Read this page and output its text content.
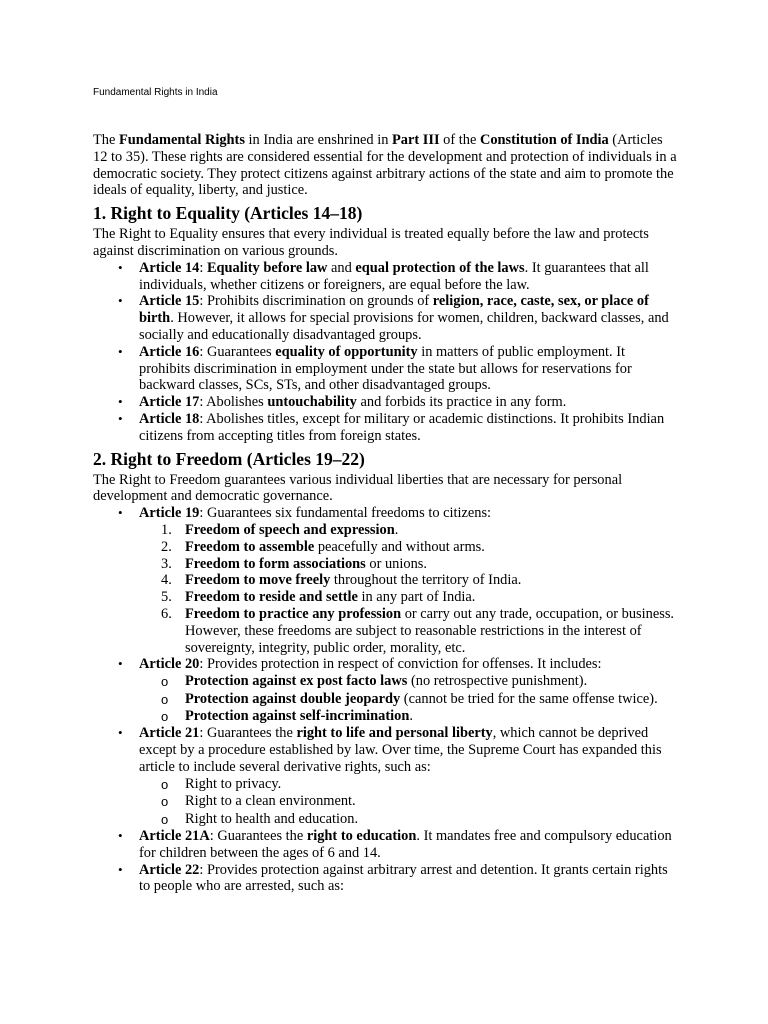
Fundamental Rights in India

The Fundamental Rights in India are enshrined in Part III of the Constitution of India (Articles 12 to 35). These rights are considered essential for the development and protection of individuals in a democratic society. They protect citizens against arbitrary actions of the state and aim to promote the ideals of equality, liberty, and justice.

1. Right to Equality (Articles 14–18)

The Right to Equality ensures that every individual is treated equally before the law and protects against discrimination on various grounds.

• Article 14: Equality before law and equal protection of the laws. It guarantees that all individuals, whether citizens or foreigners, are equal before the law.
• Article 15: Prohibits discrimination on grounds of religion, race, caste, sex, or place of birth. However, it allows for special provisions for women, children, backward classes, and socially and educationally disadvantaged groups.
• Article 16: Guarantees equality of opportunity in matters of public employment. It prohibits discrimination in employment under the state but allows for reservations for backward classes, SCs, STs, and other disadvantaged groups.
• Article 17: Abolishes untouchability and forbids its practice in any form.
• Article 18: Abolishes titles, except for military or academic distinctions. It prohibits Indian citizens from accepting titles from foreign states.
2. Right to Freedom (Articles 19–22)

The Right to Freedom guarantees various individual liberties that are necessary for personal development and democratic governance.

• Article 19: Guarantees six fundamental freedoms to citizens:
1. Freedom of speech and expression.
2. Freedom to assemble peacefully and without arms.
3. Freedom to form associations or unions.
4. Freedom to move freely throughout the territory of India.
5. Freedom to reside and settle in any part of India.
6. Freedom to practice any profession or carry out any trade, occupation, or business. However, these freedoms are subject to reasonable restrictions in the interest of sovereignty, integrity, public order, morality, etc.
• Article 20: Provides protection in respect of conviction for offenses. It includes:
o Protection against ex post facto laws (no retrospective punishment).
o Protection against double jeopardy (cannot be tried for the same offense twice).
o Protection against self-incrimination.
• Article 21: Guarantees the right to life and personal liberty, which cannot be deprived except by a procedure established by law. Over time, the Supreme Court has expanded this article to include several derivative rights, such as:
o Right to privacy.
o Right to a clean environment.
o Right to health and education.
• Article 21A: Guarantees the right to education. It mandates free and compulsory education for children between the ages of 6 and 14.
• Article 22: Provides protection against arbitrary arrest and detention. It grants certain rights to people who are arrested, such as:
